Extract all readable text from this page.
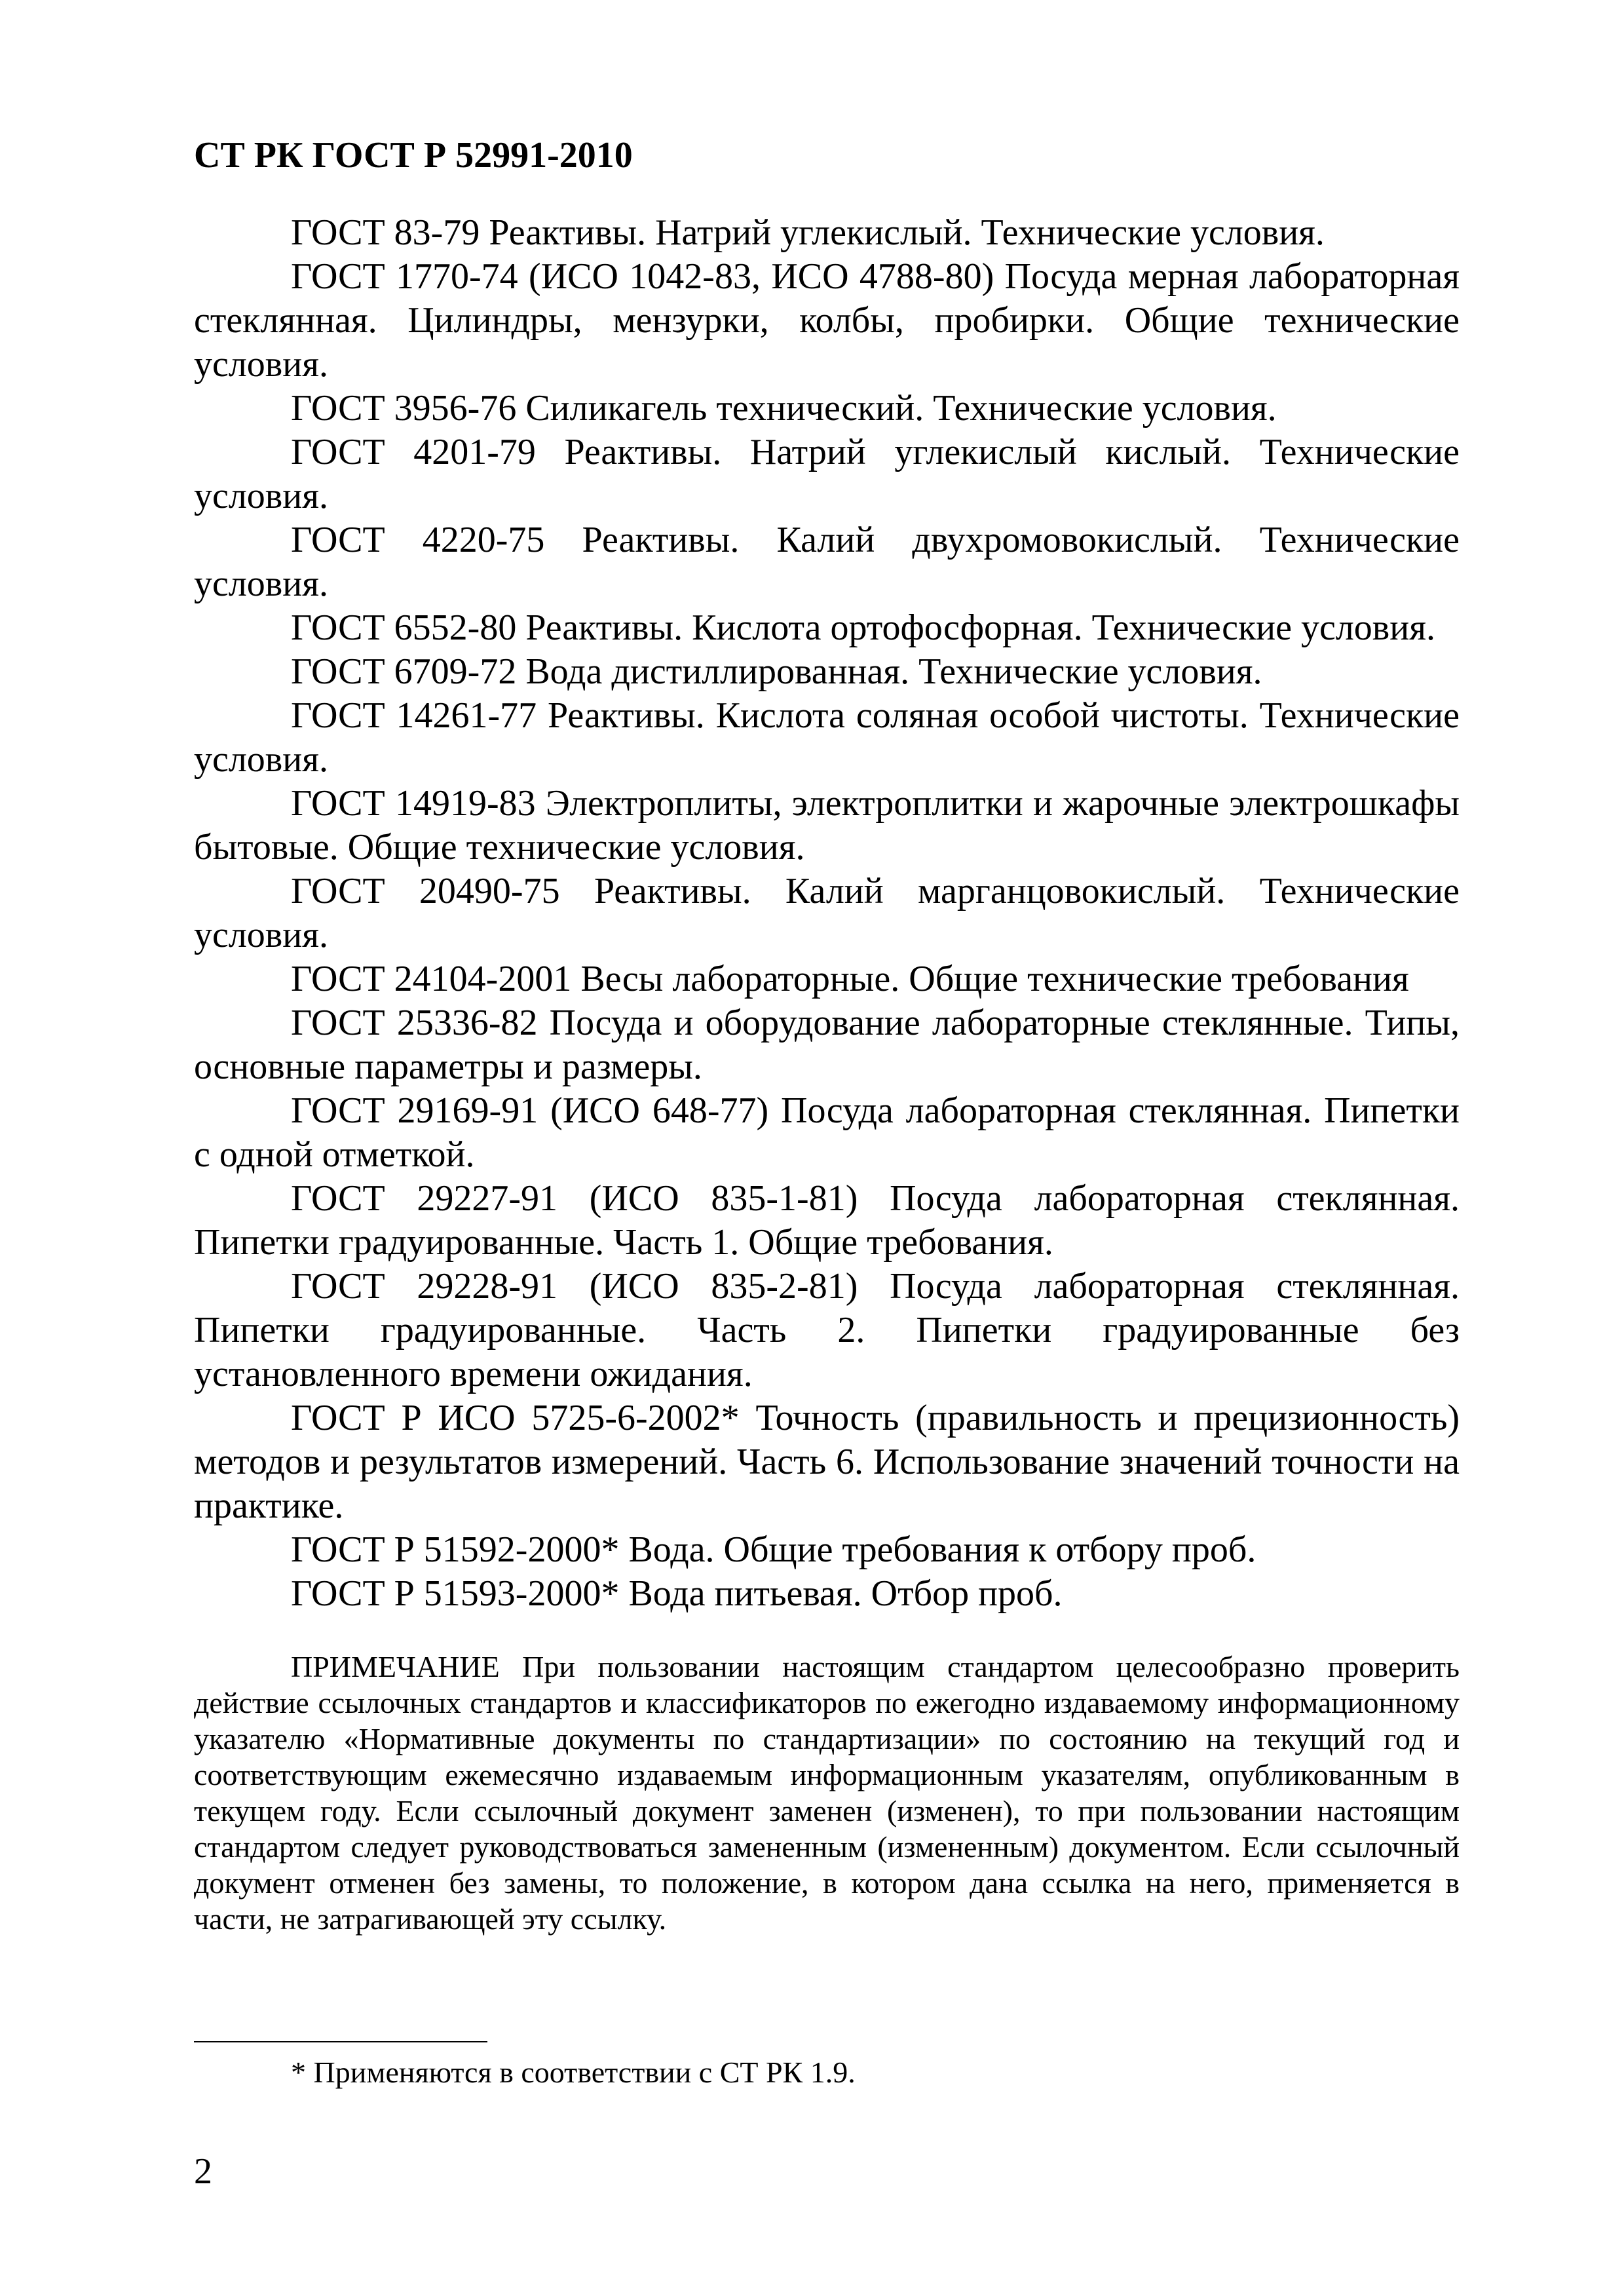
СТ РК ГОСТ Р 52991-2010

ГОСТ 83-79 Реактивы. Натрий углекислый. Технические условия.

ГОСТ 1770-74 (ИСО 1042-83, ИСО 4788-80) Посуда мерная лабораторная стеклянная. Цилиндры, мензурки, колбы, пробирки. Общие технические условия.

ГОСТ 3956-76 Силикагель технический. Технические условия.

ГОСТ 4201-79 Реактивы. Натрий углекислый кислый. Технические условия.

ГОСТ 4220-75 Реактивы. Калий двухромовокислый. Технические условия.

ГОСТ 6552-80 Реактивы. Кислота ортофосфорная. Технические условия.

ГОСТ 6709-72 Вода дистиллированная. Технические условия.

ГОСТ 14261-77 Реактивы. Кислота соляная особой чистоты. Технические условия.

ГОСТ 14919-83 Электроплиты, электроплитки и жарочные электрошкафы бытовые. Общие технические условия.

ГОСТ 20490-75 Реактивы. Калий марганцовокислый. Технические условия.

ГОСТ 24104-2001 Весы лабораторные. Общие технические требования

ГОСТ 25336-82 Посуда и оборудование лабораторные стеклянные. Типы, основные параметры и размеры.

ГОСТ 29169-91 (ИСО 648-77) Посуда лабораторная стеклянная. Пипетки с одной отметкой.

ГОСТ 29227-91 (ИСО 835-1-81) Посуда лабораторная стеклянная. Пипетки градуированные. Часть 1. Общие требования.

ГОСТ 29228-91 (ИСО 835-2-81) Посуда лабораторная стеклянная. Пипетки градуированные. Часть 2. Пипетки градуированные без установленного времени ожидания.

ГОСТ Р ИСО 5725-6-2002* Точность (правильность и прецизионность) методов и результатов измерений. Часть 6. Использование значений точности на практике.

ГОСТ Р 51592-2000* Вода. Общие требования к отбору проб.

ГОСТ Р 51593-2000* Вода питьевая. Отбор проб.

ПРИМЕЧАНИЕ При пользовании настоящим стандартом целесообразно проверить действие ссылочных стандартов и классификаторов по ежегодно издаваемому информационному указателю «Нормативные документы по стандартизации» по состоянию на текущий год и соответствующим ежемесячно издаваемым информационным указателям, опубликованным в текущем году. Если ссылочный документ заменен (изменен), то при пользовании настоящим стандартом следует руководствоваться замененным (измененным) документом. Если ссылочный документ отменен без замены, то положение, в котором дана ссылка на него, применяется в части, не затрагивающей эту ссылку.

* Применяются в соответствии с СТ РК 1.9.
2
